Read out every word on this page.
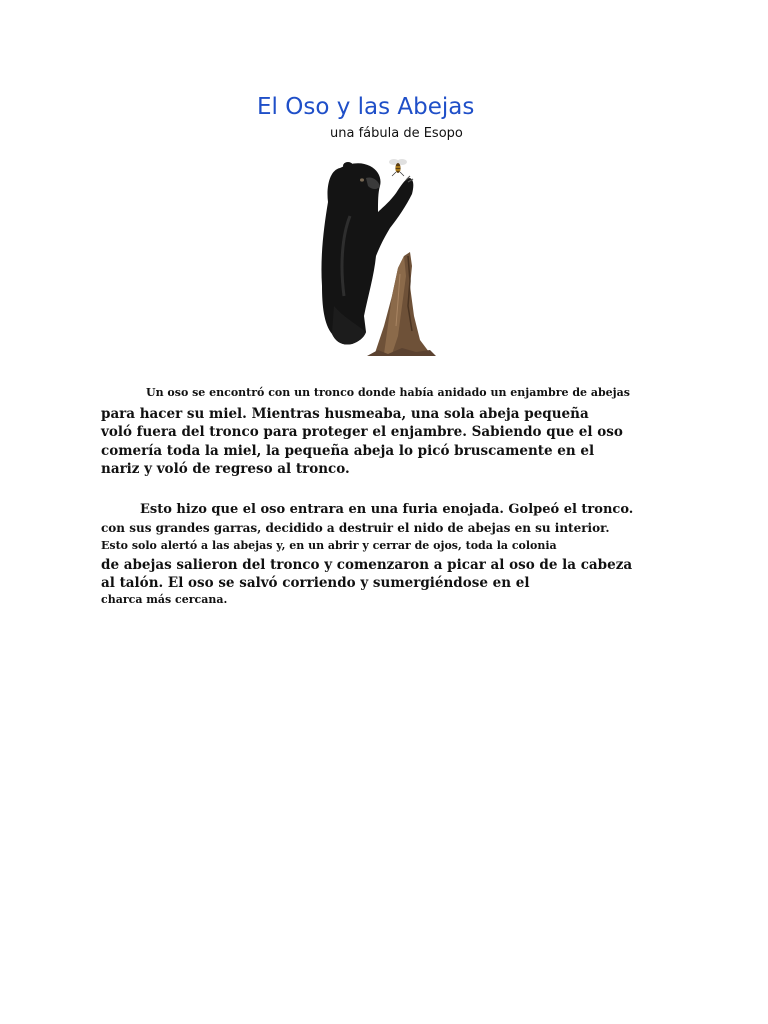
El Oso y las Abejas
una fábula de Esopo
Un oso se encontró con un tronco donde había anidado un enjambre de abejas
para hacer su miel. Mientras husmeaba, una sola abeja pequeña
voló fuera del tronco para proteger el enjambre. Sabiendo que el oso
comería toda la miel, la pequeña abeja lo picó bruscamente en el
nariz y voló de regreso al tronco.
Esto hizo que el oso entrara en una furia enojada. Golpeó el tronco.
con sus grandes garras, decidido a destruir el nido de abejas en su interior.
Esto solo alertó a las abejas y, en un abrir y cerrar de ojos, toda la colonia
de abejas salieron del tronco y comenzaron a picar al oso de la cabeza
al talón. El oso se salvó corriendo y sumergiéndose en el
charca más cercana.
